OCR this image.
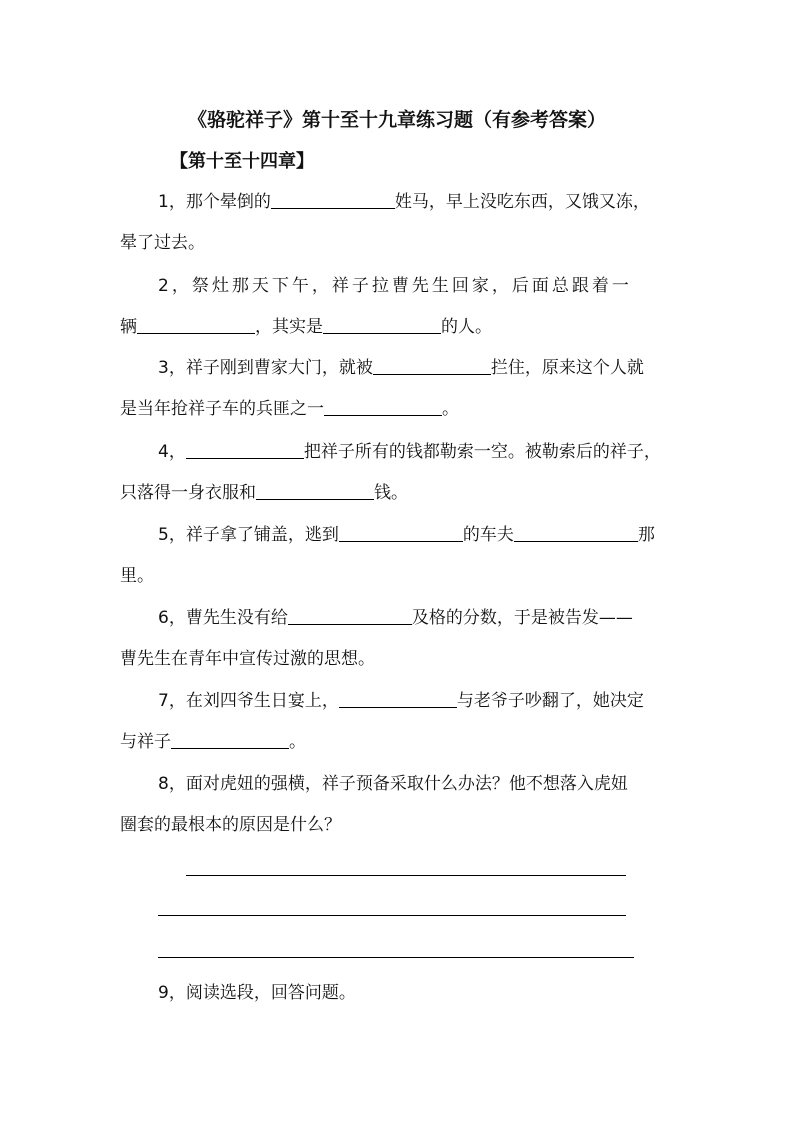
《骆驼祥子》第十至十九章练习题（有参考答案）
【第十至十四章】
1，那个晕倒的	姓马，早上没吃东西，又饿又冻，
晕了过去。
2，祭灶那天下午，祥子拉曹先生回家，后面总跟着一
辆	，其实是	的人。
3，祥子刚到曹家大门，就被	拦住，原来这个人就
是当年抢祥子车的兵匪之一	。
4，	把祥子所有的钱都勒索一空。被勒索后的祥子，
只落得一身衣服和	钱。
5，祥子拿了铺盖，逃到	的车夫	那
里。
6，曹先生没有给	及格的分数，于是被告发——
曹先生在青年中宣传过激的思想。
7，在刘四爷生日宴上，	与老爷子吵翻了，她决定
与祥子	。
8，面对虎妞的强横，祥子预备采取什么办法？他不想落入虎妞
圈套的最根本的原因是什么？
9，阅读选段，回答问题。
